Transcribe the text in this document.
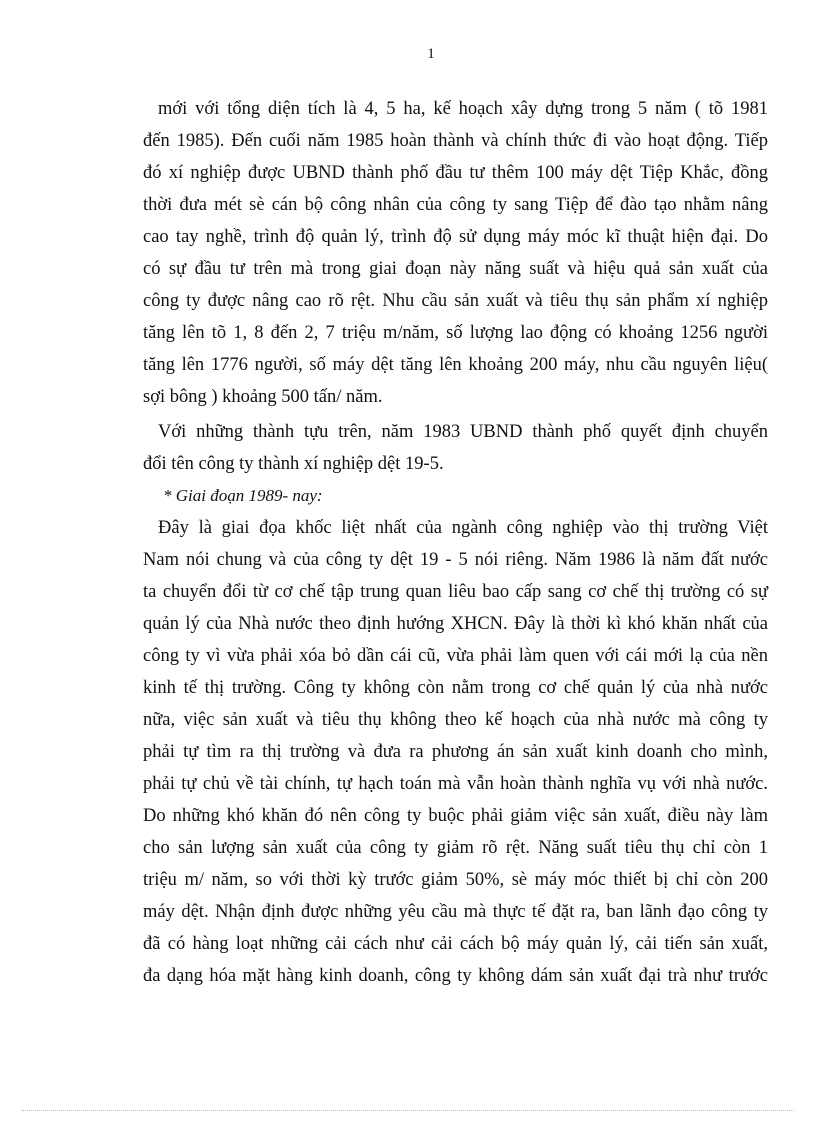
1
mới với tổng diện tích là 4, 5 ha, kế hoạch xây dựng trong 5 năm ( tõ 1981
đến 1985). Đến cuối năm 1985 hoàn thành và chính thức đi vào hoạt động. Tiếp
đó xí nghiệp được UBND thành phố đầu tư thêm 100 máy dệt Tiệp Khắc, đồng
thời đưa mét sè cán bộ công nhân của công ty sang Tiệp để đào tạo nhằm nâng
cao tay nghề, trình độ quản lý, trình độ sử dụng máy móc kĩ thuật hiện đại. Do
có sự đầu tư trên mà trong giai đoạn này năng suất và hiệu quả sản xuất của
công ty được nâng cao rõ rệt. Nhu cầu sản xuất và tiêu thụ sản phẩm xí nghiệp
tăng lên tõ 1, 8 đến 2, 7 triệu m/năm, số lượng lao động có khoảng 1256 người
tăng lên 1776 người, số máy dệt tăng lên khoảng 200 máy, nhu cầu nguyên liệu(
sợi bông ) khoảng 500 tấn/ năm.
Với những thành tựu trên, năm 1983 UBND thành phố quyết định chuyển
đổi tên công ty thành xí nghiệp dệt 19-5.
* Giai đoạn 1989- nay:
Đây là giai đọa khốc liệt nhất của ngành công nghiệp vào thị trường Việt
Nam nói chung và của công ty dệt 19 - 5 nói riêng. Năm 1986 là năm đất nước
ta chuyển đổi từ cơ chế tập trung quan liêu bao cấp sang cơ chế thị trường có sự
quản lý của Nhà nước theo định hướng XHCN. Đây là thời kì khó khăn nhất của
công ty vì vừa phải xóa bỏ dần cái cũ, vừa phải làm quen với cái mới lạ của nền
kinh tế thị trường. Công ty không còn nằm trong cơ chế quản lý của nhà nước
nữa, việc sản xuất và tiêu thụ không theo kế hoạch của nhà nước mà công ty
phải tự tìm ra thị trường và đưa ra phương án sản xuất kinh doanh cho mình,
phải tự chủ về tài chính, tự hạch toán mà vẫn hoàn thành nghĩa vụ với nhà nước.
Do những khó khăn đó nên công ty buộc phải giảm việc sản xuất, điều này làm
cho sản lượng sản xuất của công ty giảm rõ rệt. Năng suất tiêu thụ chỉ còn 1
triệu m/ năm, so với thời kỳ trước giảm 50%, sè máy móc thiết bị chỉ còn 200
máy dệt. Nhận định được những yêu cầu mà thực tế đặt ra, ban lãnh đạo công ty
đã có hàng loạt những cải cách như cải cách bộ máy quản lý, cải tiến sản xuất,
đa dạng hóa mặt hàng kinh doanh, công ty không dám sản xuất đại trà như trước
